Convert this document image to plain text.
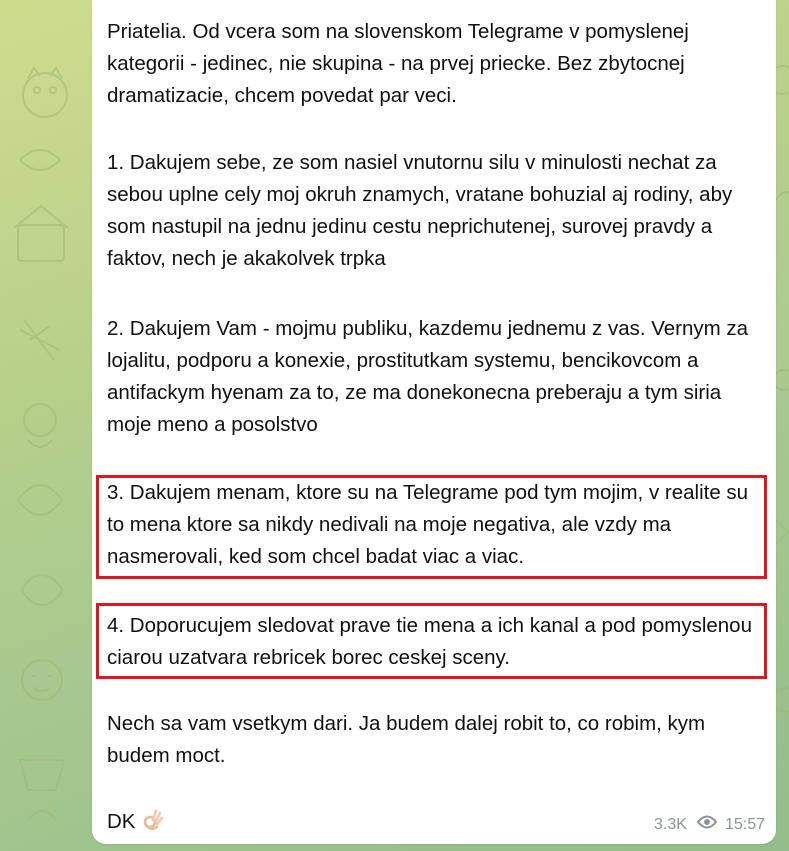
Priatelia. Od vcera som na slovenskom Telegrame v pomyslenej kategorii - jedinec, nie skupina - na prvej priecke. Bez zbytocnej dramatizacie, chcem povedat par veci.

1. Dakujem sebe, ze som nasiel vnutornu silu v minulosti nechat za sebou uplne cely moj okruh znamych, vratane bohuzial aj rodiny, aby som nastupil na jednu jedinu cestu neprichutenej, surovej pravdy a faktov, nech je akakolvek trpka

2. Dakujem Vam - mojmu publiku, kazdemu jednemu z vas. Vernym za lojalitu, podporu a konexie, prostitutkam systemu, bencikovcom a antifackym hyenam za to, ze ma donekonecna preberaju a tym siria moje meno a posolstvo

3. Dakujem menam, ktore su na Telegrame pod tym mojim, v realite su to mena ktore sa nikdy nedivali na moje negativa, ale vzdy ma nasmerovali, ked som chcel badat viac a viac.

4. Doporucujem sledovat prave tie mena a ich kanal a pod pomyslenou ciarou uzatvara rebricek borec ceskej sceny.

Nech sa vam vsetkym dari. Ja budem dalej robit to, co robim, kym budem moct.

DK	3.3K 15:57
